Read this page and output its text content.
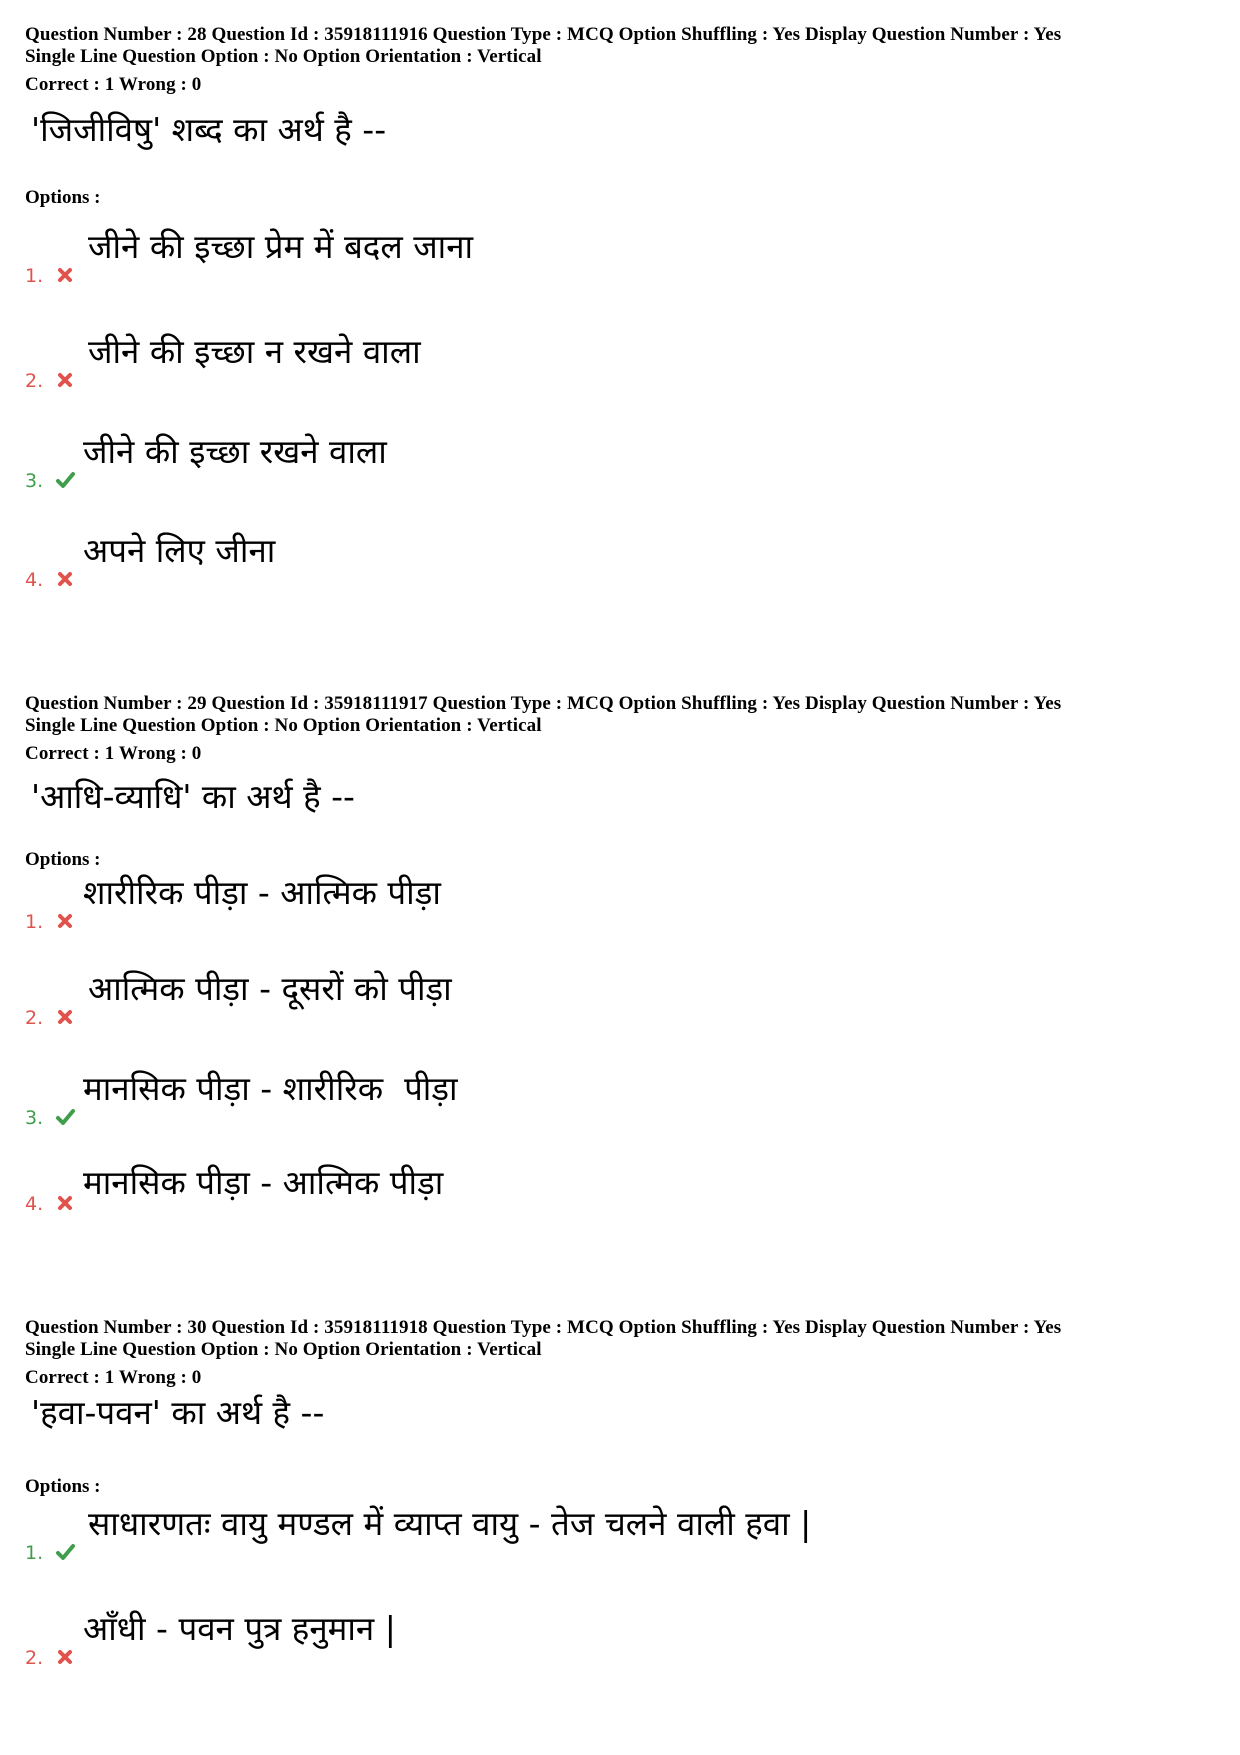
Question Number : 28 Question Id : 35918111916 Question Type : MCQ Option Shuffling : Yes Display Question Number : Yes
Single Line Question Option : No Option Orientation : Vertical
Correct : 1 Wrong : 0
'जिजीविषु' शब्द का अर्थ है --
Options :
1.
जीने की इच्छा प्रेम में बदल जाना
2.
जीने की इच्छा न रखने वाला
3.
जीने की इच्छा रखने वाला
4.
अपने लिए जीना
Question Number : 29 Question Id : 35918111917 Question Type : MCQ Option Shuffling : Yes Display Question Number : Yes
Single Line Question Option : No Option Orientation : Vertical
Correct : 1 Wrong : 0
'आधि-व्याधि' का अर्थ है --
Options :
1.
शारीरिक पीड़ा - आत्मिक पीड़ा
2.
आत्मिक पीड़ा - दूसरों को पीड़ा
3.
मानसिक पीड़ा - शारीरिक  पीड़ा
4.
मानसिक पीड़ा - आत्मिक पीड़ा
Question Number : 30 Question Id : 35918111918 Question Type : MCQ Option Shuffling : Yes Display Question Number : Yes
Single Line Question Option : No Option Orientation : Vertical
Correct : 1 Wrong : 0
'हवा-पवन' का अर्थ है --
Options :
1.
साधारणतः वायु मण्डल में व्याप्त वायु - तेज चलने वाली हवा |
2.
आँधी - पवन पुत्र हनुमान |
